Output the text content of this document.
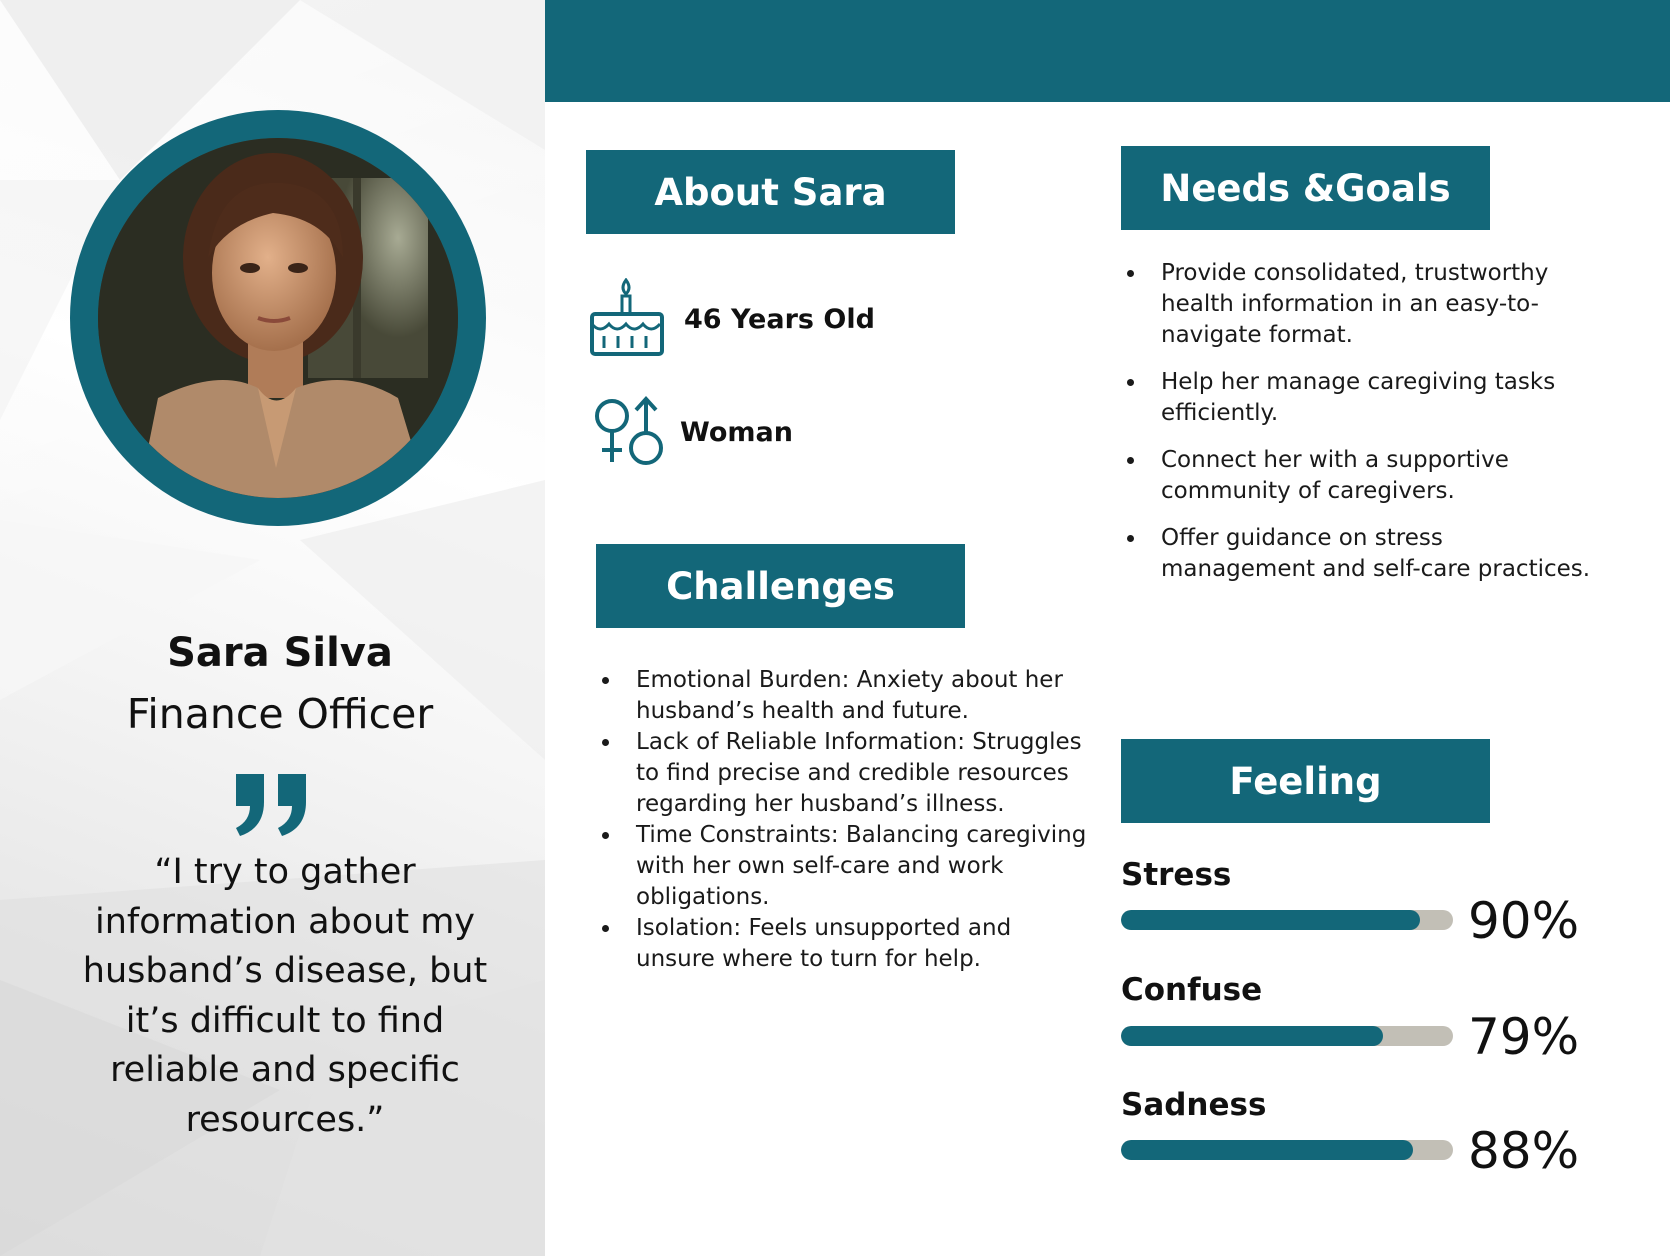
Sara Silva
Finance Officer
“I try to gather information about my husband’s disease, but it’s difficult to find reliable and specific resources.”
About Sara
46 Years Old
Woman
Challenges
Emotional Burden: Anxiety about her husband’s health and future.
Lack of Reliable Information: Struggles to find precise and credible resources regarding her husband’s illness.
Time Constraints: Balancing caregiving with her own self-care and work obligations.
Isolation: Feels unsupported and unsure where to turn for help.
Needs &Goals
Provide consolidated, trustworthy health information in an easy-to-navigate format.
Help her manage caregiving tasks efficiently.
Connect her with a supportive community of caregivers.
Offer guidance on stress management and self-care practices.
Feeling
Stress
90%
Confuse
79%
Sadness
88%
